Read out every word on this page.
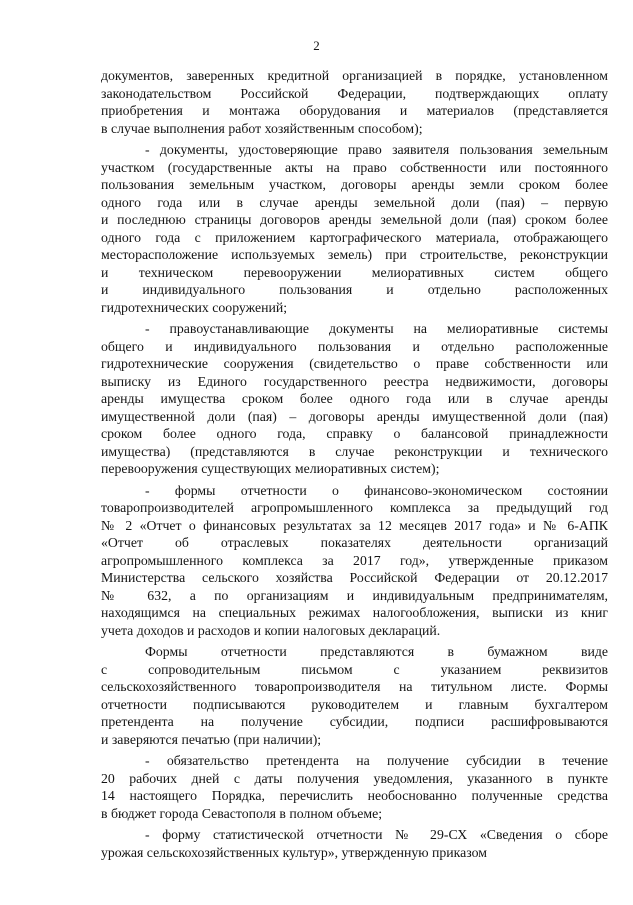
2
документов, заверенных кредитной организацией в порядке, установленном
законодательством Российской Федерации, подтверждающих оплату
приобретения и монтажа оборудования и материалов (представляется
в случае выполнения работ хозяйственным способом);
- документы, удостоверяющие право заявителя пользования земельным
участком (государственные акты на право собственности или постоянного
пользования земельным участком, договоры аренды земли сроком более
одного года или в случае аренды земельной доли (пая) – первую
и последнюю страницы договоров аренды земельной доли (пая) сроком более
одного года с приложением картографического материала, отображающего
месторасположение используемых земель) при строительстве, реконструкции
и техническом перевооружении мелиоративных систем общего
и индивидуального пользования и отдельно расположенных
гидротехнических сооружений;
- правоустанавливающие документы на мелиоративные системы
общего и индивидуального пользования и отдельно расположенные
гидротехнические сооружения (свидетельство о праве собственности или
выписку из Единого государственного реестра недвижимости, договоры
аренды имущества сроком более одного года или в случае аренды
имущественной доли (пая) – договоры аренды имущественной доли (пая)
сроком более одного года, справку о балансовой принадлежности
имущества) (представляются в случае реконструкции и технического
перевооружения существующих мелиоративных систем);
- формы отчетности о финансово-экономическом состоянии
товаропроизводителей агропромышленного комплекса за предыдущий год
№ 2 «Отчет о финансовых результатах за 12 месяцев 2017 года» и № 6-АПК
«Отчет об отраслевых показателях деятельности организаций
агропромышленного комплекса за 2017 год», утвержденные приказом
Министерства сельского хозяйства Российской Федерации от 20.12.2017
№ 632, а по организациям и индивидуальным предпринимателям,
находящимся на специальных режимах налогообложения, выписки из книг
учета доходов и расходов и копии налоговых деклараций.
Формы отчетности представляются в бумажном виде
с сопроводительным письмом с указанием реквизитов
сельскохозяйственного товаропроизводителя на титульном листе. Формы
отчетности подписываются руководителем и главным бухгалтером
претендента на получение субсидии, подписи расшифровываются
и заверяются печатью (при наличии);
- обязательство претендента на получение субсидии в течение
20 рабочих дней с даты получения уведомления, указанного в пункте
14 настоящего Порядка, перечислить необоснованно полученные средства
в бюджет города Севастополя в полном объеме;
- форму статистической отчетности № 29-СХ «Сведения о сборе
урожая сельскохозяйственных культур», утвержденную приказом
